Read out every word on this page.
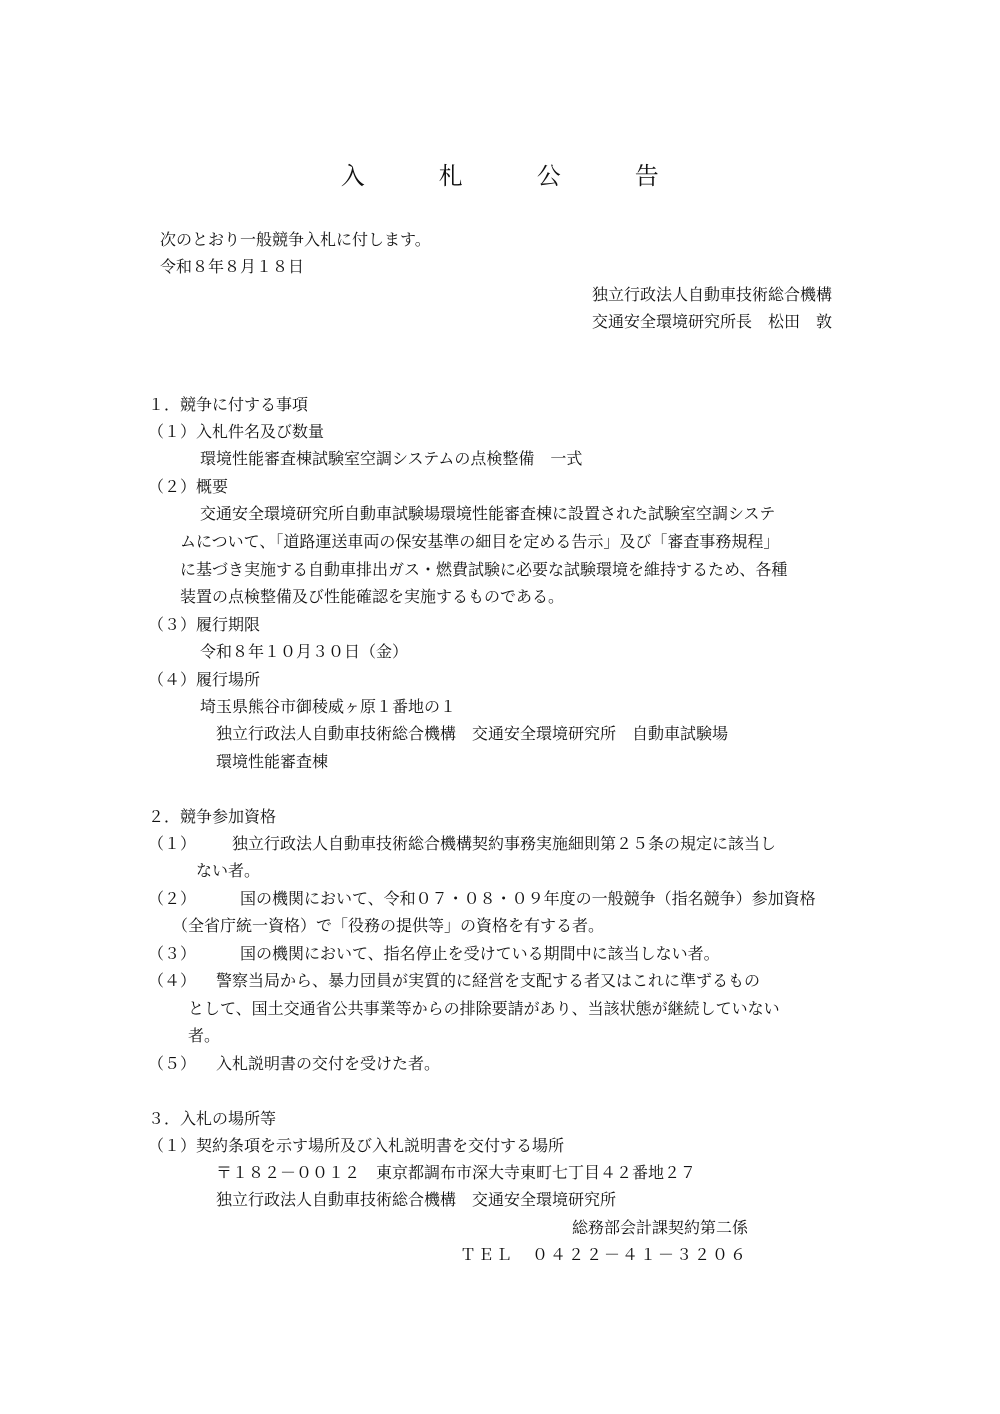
入　　　札　　　公　　　告
次のとおり一般競争入札に付します。
令和８年８月１８日
独立行政法人自動車技術総合機構
交通安全環境研究所長　松田　敦
１．競争に付する事項
（１）入札件名及び数量
環境性能審査棟試験室空調システムの点検整備　一式
（２）概要
交通安全環境研究所自動車試験場環境性能審査棟に設置された試験室空調システ
ムについて、「道路運送車両の保安基準の細目を定める告示」及び「審査事務規程」
に基づき実施する自動車排出ガス・燃費試験に必要な試験環境を維持するため、各種
装置の点検整備及び性能確認を実施するものである。
（３）履行期限
令和８年１０月３０日（金）
（４）履行場所
埼玉県熊谷市御稜威ヶ原１番地の１
独立行政法人自動車技術総合機構　交通安全環境研究所　自動車試験場
環境性能審査棟
２．競争参加資格
（１） 独立行政法人自動車技術総合機構契約事務実施細則第２５条の規定に該当し
ない者。
（２）	国の機関において、令和０７・０８・０９年度の一般競争（指名競争）参加資格
（全省庁統一資格）で「役務の提供等」の資格を有する者。
（３）	国の機関において、指名停止を受けている期間中に該当しない者。
（４） 警察当局から、暴力団員が実質的に経営を支配する者又はこれに準ずるもの
として、国土交通省公共事業等からの排除要請があり、当該状態が継続していない
者。
（５） 入札説明書の交付を受けた者。
３．入札の場所等
（１）契約条項を示す場所及び入札説明書を交付する場所
〒１８２－００１２　東京都調布市深大寺東町七丁目４２番地２７
独立行政法人自動車技術総合機構　交通安全環境研究所
総務部会計課契約第二係
ＴＥＬ　０４２２－４１－３２０６
